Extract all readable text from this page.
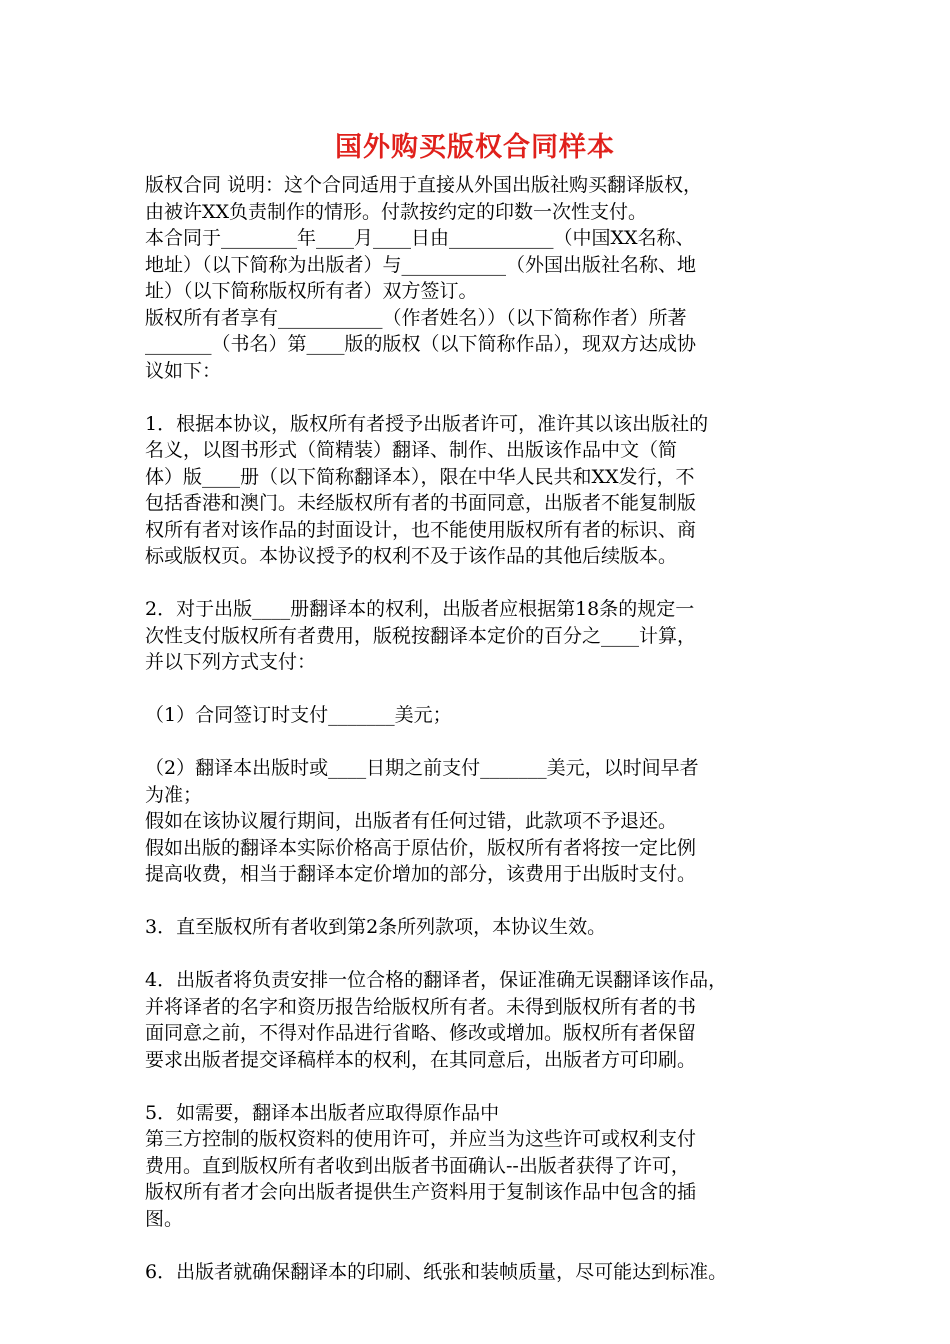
国外购买版权合同样本
版权合同 说明：这个合同适用于直接从外国出版社购买翻译版权，
由被许XX负责制作的情形。付款按约定的印数一次性支付。
本合同于________年____月____日由___________（中国XX名称、
地址）（以下简称为出版者）与___________（外国出版社名称、地
址）（以下简称版权所有者）双方签订。
版权所有者享有___________（作者姓名））（以下简称作者）所著
_______（书名）第____版的版权（以下简称作品），现双方达成协
议如下：
1．根据本协议，版权所有者授予出版者许可，准许其以该出版社的
名义，以图书形式（简精装）翻译、制作、出版该作品中文（简
体）版____册（以下简称翻译本），限在中华人民共和XX发行，不
包括香港和澳门。未经版权所有者的书面同意，出版者不能复制版
权所有者对该作品的封面设计，也不能使用版权所有者的标识、商
标或版权页。本协议授予的权利不及于该作品的其他后续版本。
2．对于出版____册翻译本的权利，出版者应根据第18条的规定一
次性支付版权所有者费用，版税按翻译本定价的百分之____计算，
并以下列方式支付：
（1）合同签订时支付_______美元；
（2）翻译本出版时或____日期之前支付_______美元，以时间早者
为准；
假如在该协议履行期间，出版者有任何过错，此款项不予退还。
假如出版的翻译本实际价格高于原估价，版权所有者将按一定比例
提高收费，相当于翻译本定价增加的部分，该费用于出版时支付。
3．直至版权所有者收到第2条所列款项，本协议生效。
4．出版者将负责安排一位合格的翻译者，保证准确无误翻译该作品，
并将译者的名字和资历报告给版权所有者。未得到版权所有者的书
面同意之前，不得对作品进行省略、修改或增加。版权所有者保留
要求出版者提交译稿样本的权利，在其同意后，出版者方可印刷。
5．如需要，翻译本出版者应取得原作品中
第三方控制的版权资料的使用许可，并应当为这些许可或权利支付
费用。直到版权所有者收到出版者书面确认--出版者获得了许可，
版权所有者才会向出版者提供生产资料用于复制该作品中包含的插
图。
6．出版者就确保翻译本的印刷、纸张和装帧质量，尽可能达到标准。
